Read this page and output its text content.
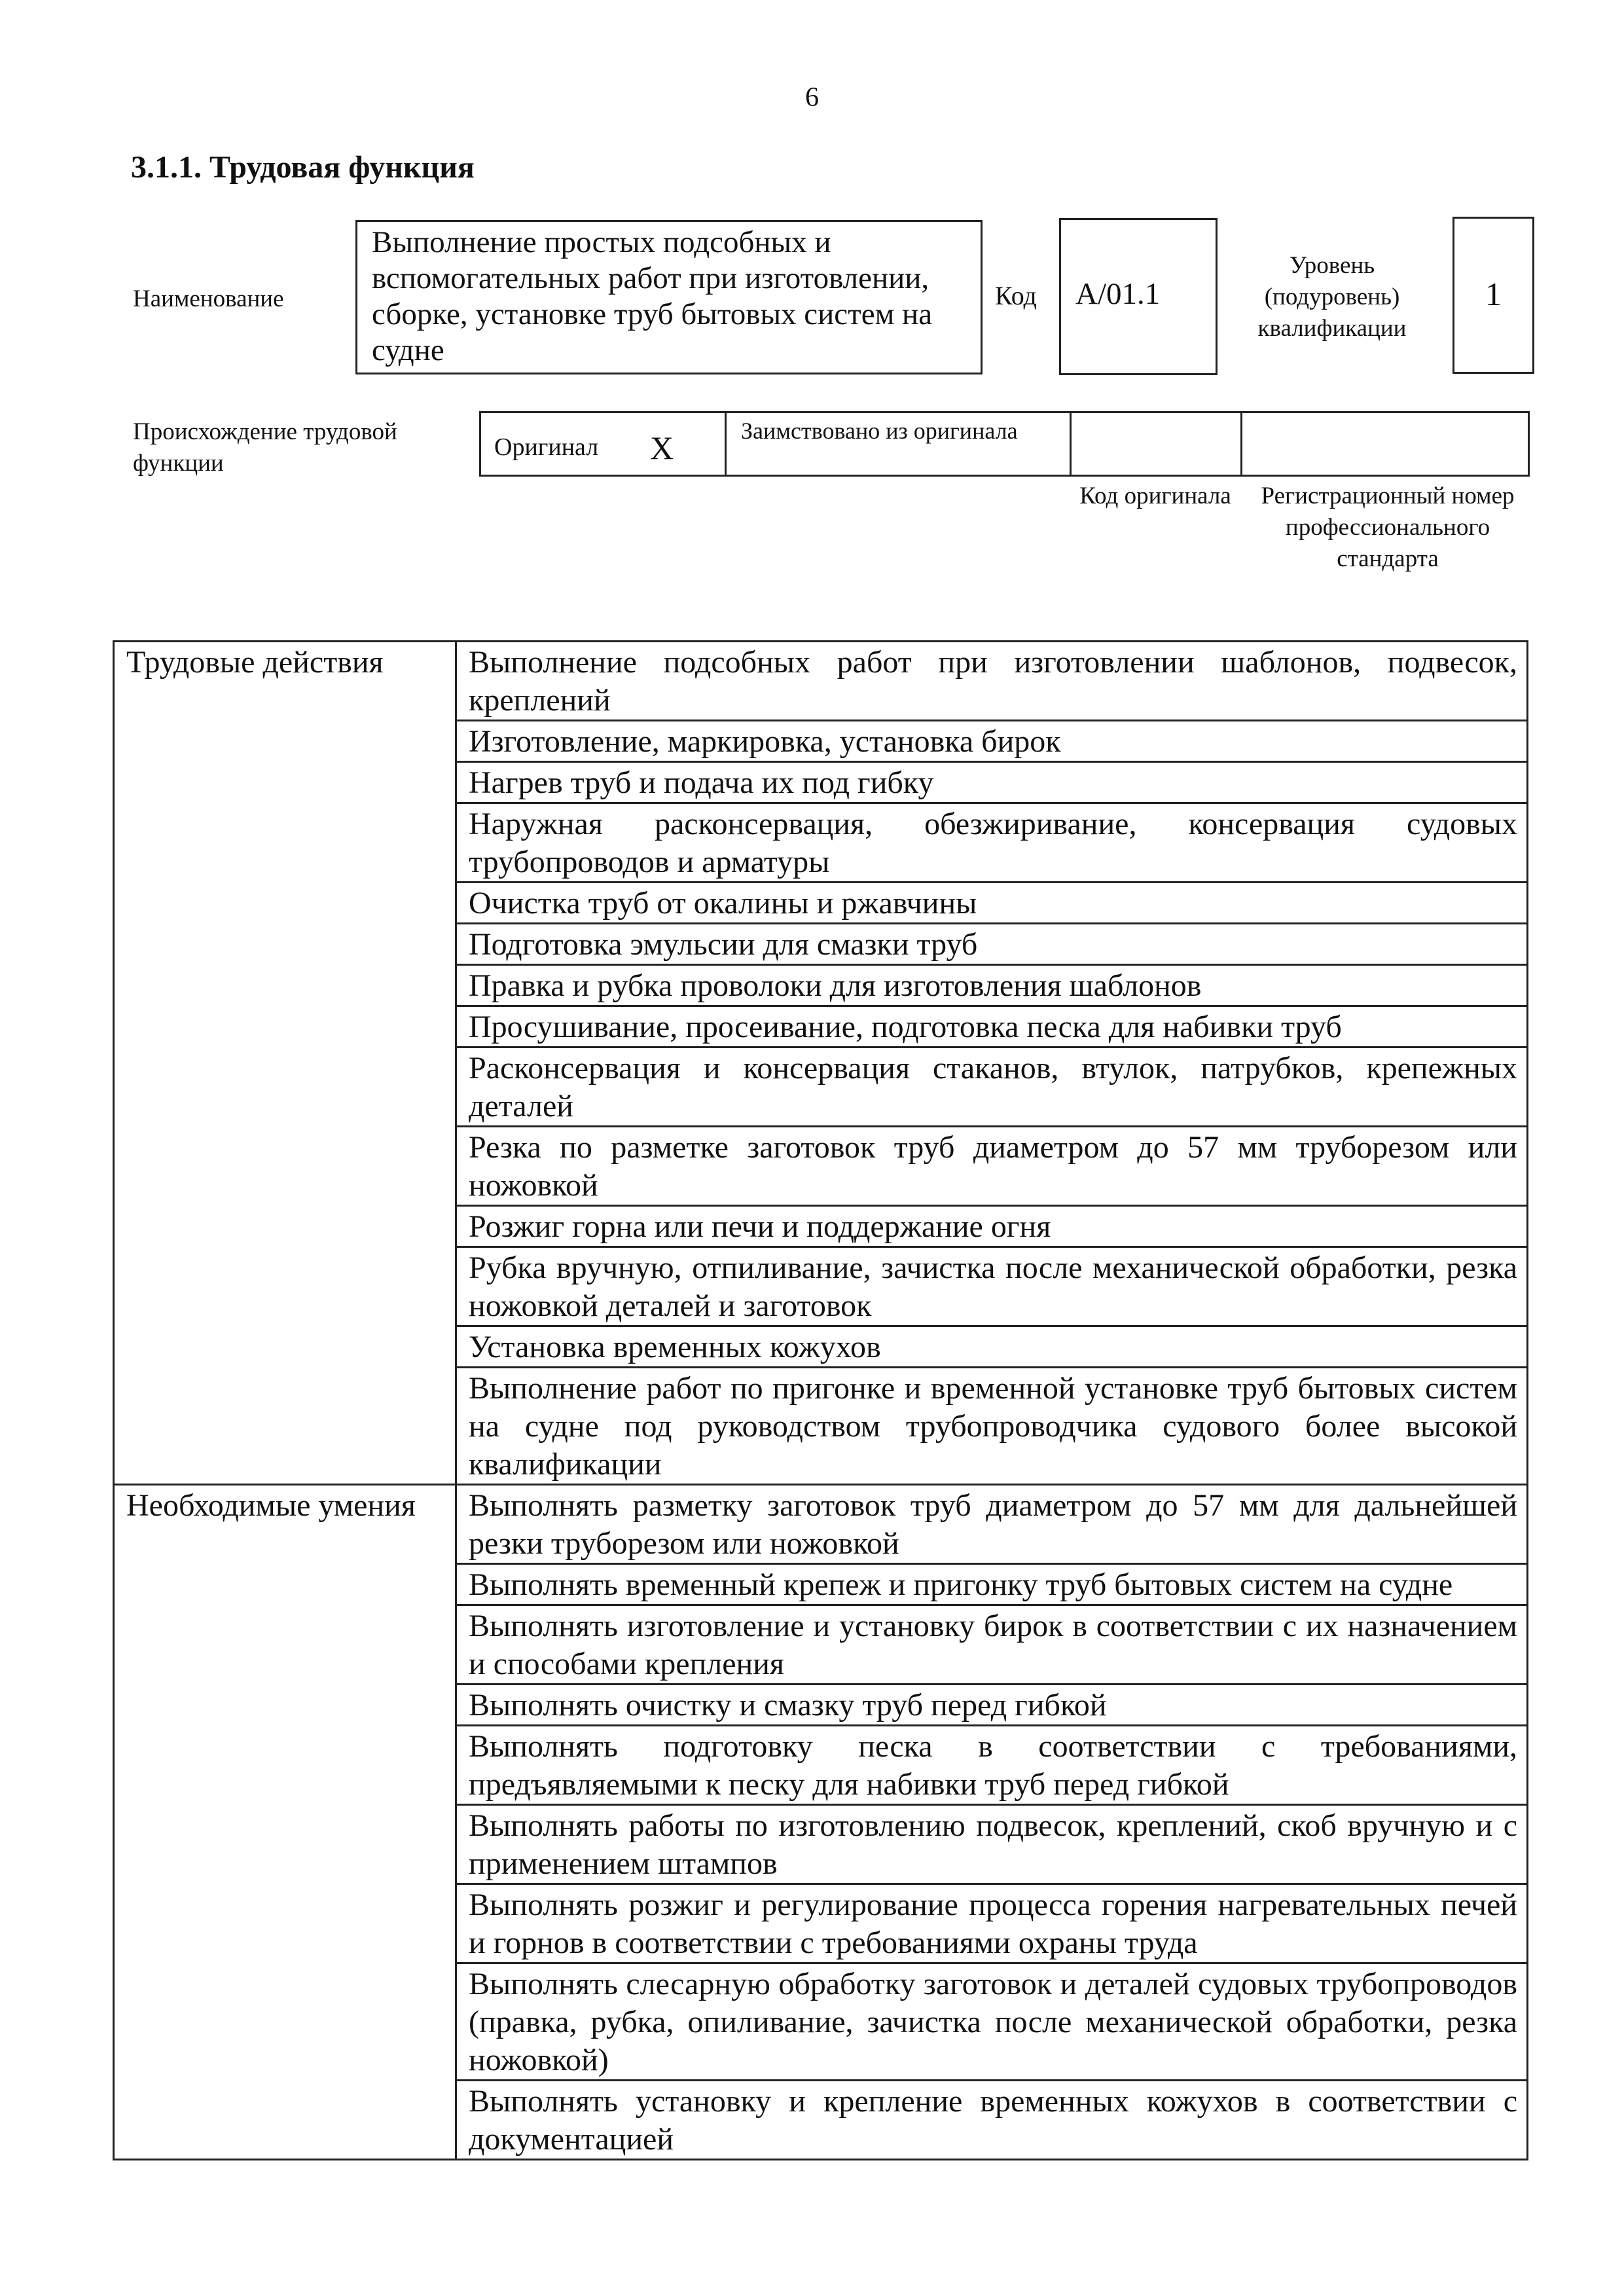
6
3.1.1. Трудовая функция
Наименование
Выполнение простых подсобных и вспомогательных работ при изготовлении, сборке, установке труб бытовых систем на судне
Код	A/01.1
Уровень (подуровень) квалификации
1
Происхождение трудовой функции
Оригинал X	Заимствовано из оригинала
Код оригинала Регистрационный номер профессионального стандарта
Трудовые действия	Выполнение подсобных работ при изготовлении шаблонов, подвесок, креплений
	Изготовление, маркировка, установка бирок
	Нагрев труб и подача их под гибку
	Наружная расконсервация, обезжиривание, консервация судовых трубопроводов и арматуры
	Очистка труб от окалины и ржавчины
	Подготовка эмульсии для смазки труб
	Правка и рубка проволоки для изготовления шаблонов
	Просушивание, просеивание, подготовка песка для набивки труб
	Расконсервация и консервация стаканов, втулок, патрубков, крепежных деталей
	Резка по разметке заготовок труб диаметром до 57 мм труборезом или ножовкой
	Розжиг горна или печи и поддержание огня
	Рубка вручную, отпиливание, зачистка после механической обработки, резка ножовкой деталей и заготовок
	Установка временных кожухов
	Выполнение работ по пригонке и временной установке труб бытовых систем на судне под руководством трубопроводчика судового более высокой квалификации
Необходимые умения	Выполнять разметку заготовок труб диаметром до 57 мм для дальнейшей резки труборезом или ножовкой
	Выполнять временный крепеж и пригонку труб бытовых систем на судне
	Выполнять изготовление и установку бирок в соответствии с их назначением и способами крепления
	Выполнять очистку и смазку труб перед гибкой
	Выполнять подготовку песка в соответствии с требованиями, предъявляемыми к песку для набивки труб перед гибкой
	Выполнять работы по изготовлению подвесок, креплений, скоб вручную и с применением штампов
	Выполнять розжиг и регулирование процесса горения нагревательных печей и горнов в соответствии с требованиями охраны труда
	Выполнять слесарную обработку заготовок и деталей судовых трубопроводов (правка, рубка, опиливание, зачистка после механической обработки, резка ножовкой)
	Выполнять установку и крепление временных кожухов в соответствии с документацией
